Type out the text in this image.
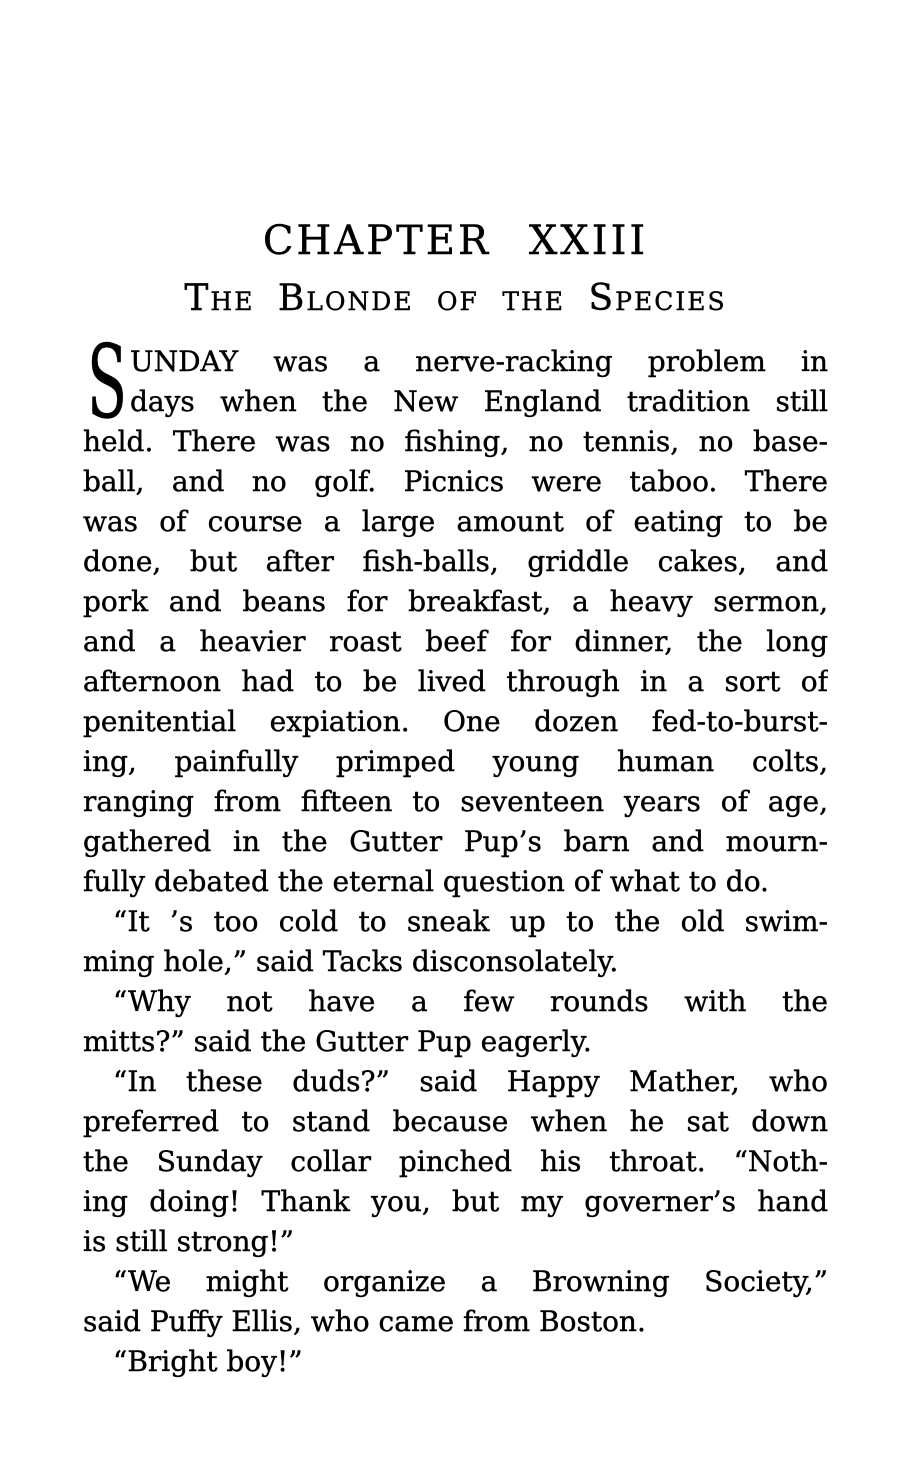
CHAPTER XXIII
The Blonde of the Species
S UNDAY was a nerve-racking problem in
days when the New England tradition still
held. There was no fishing, no tennis, no base-
ball, and no golf. Picnics were taboo. There
was of course a large amount of eating to be
done, but after fish-balls, griddle cakes, and
pork and beans for breakfast, a heavy sermon,
and a heavier roast beef for dinner, the long
afternoon had to be lived through in a sort of
penitential expiation. One dozen fed-to-burst-
ing, painfully primped young human colts,
ranging from fifteen to seventeen years of age,
gathered in the Gutter Pup’s barn and mourn-
fully debated the eternal question of what to do.
“It ’s too cold to sneak up to the old swim-
ming hole,” said Tacks disconsolately.
“Why not have a few rounds with the
mitts?” said the Gutter Pup eagerly.
“In these duds?” said Happy Mather, who
preferred to stand because when he sat down
the Sunday collar pinched his throat. “Noth-
ing doing! Thank you, but my governer’s hand
is still strong!”
“We might organize a Browning Society,”
said Puffy Ellis, who came from Boston.
“Bright boy!”
